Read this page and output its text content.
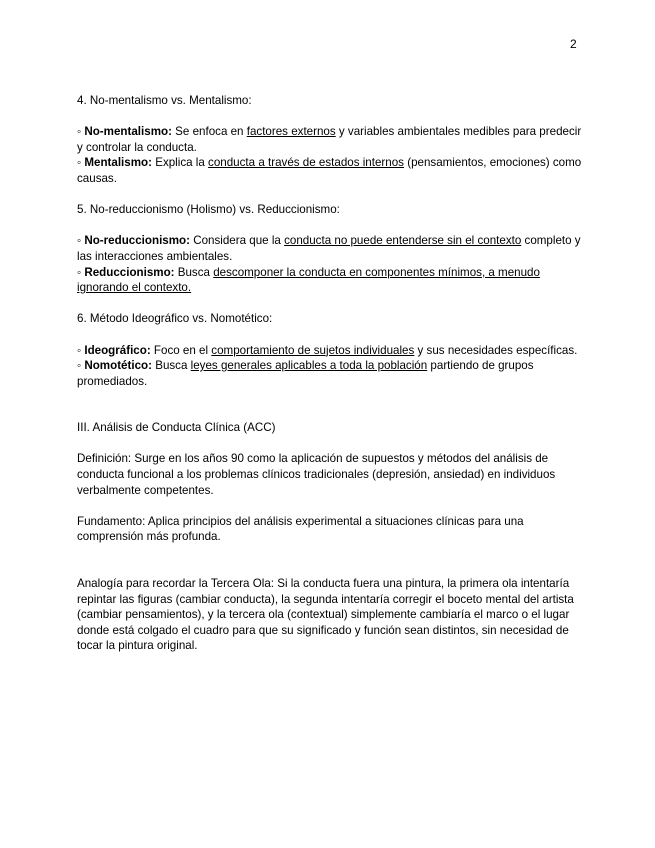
2

4. No-mentalismo vs. Mentalismo:

◦ No-mentalismo: Se enfoca en factores externos y variables ambientales medibles para predecir y controlar la conducta.

◦ Mentalismo: Explica la conducta a través de estados internos (pensamientos, emociones) como causas.

5. No-reduccionismo (Holismo) vs. Reduccionismo:

◦ No-reduccionismo: Considera que la conducta no puede entenderse sin el contexto completo y las interacciones ambientales.

◦ Reduccionismo: Busca descomponer la conducta en componentes mínimos, a menudo ignorando el contexto.

6. Método Ideográfico vs. Nomotético:

◦ Ideográfico: Foco en el comportamiento de sujetos individuales y sus necesidades específicas.

◦ Nomotético: Busca leyes generales aplicables a toda la población partiendo de grupos promediados.

III. Análisis de Conducta Clínica (ACC)

Definición: Surge en los años 90 como la aplicación de supuestos y métodos del análisis de conducta funcional a los problemas clínicos tradicionales (depresión, ansiedad) en individuos verbalmente competentes.

Fundamento: Aplica principios del análisis experimental a situaciones clínicas para una comprensión más profunda.

Analogía para recordar la Tercera Ola: Si la conducta fuera una pintura, la primera ola intentaría repintar las figuras (cambiar conducta), la segunda intentaría corregir el boceto mental del artista (cambiar pensamientos), y la tercera ola (contextual) simplemente cambiaría el marco o el lugar donde está colgado el cuadro para que su significado y función sean distintos, sin necesidad de tocar la pintura original.
